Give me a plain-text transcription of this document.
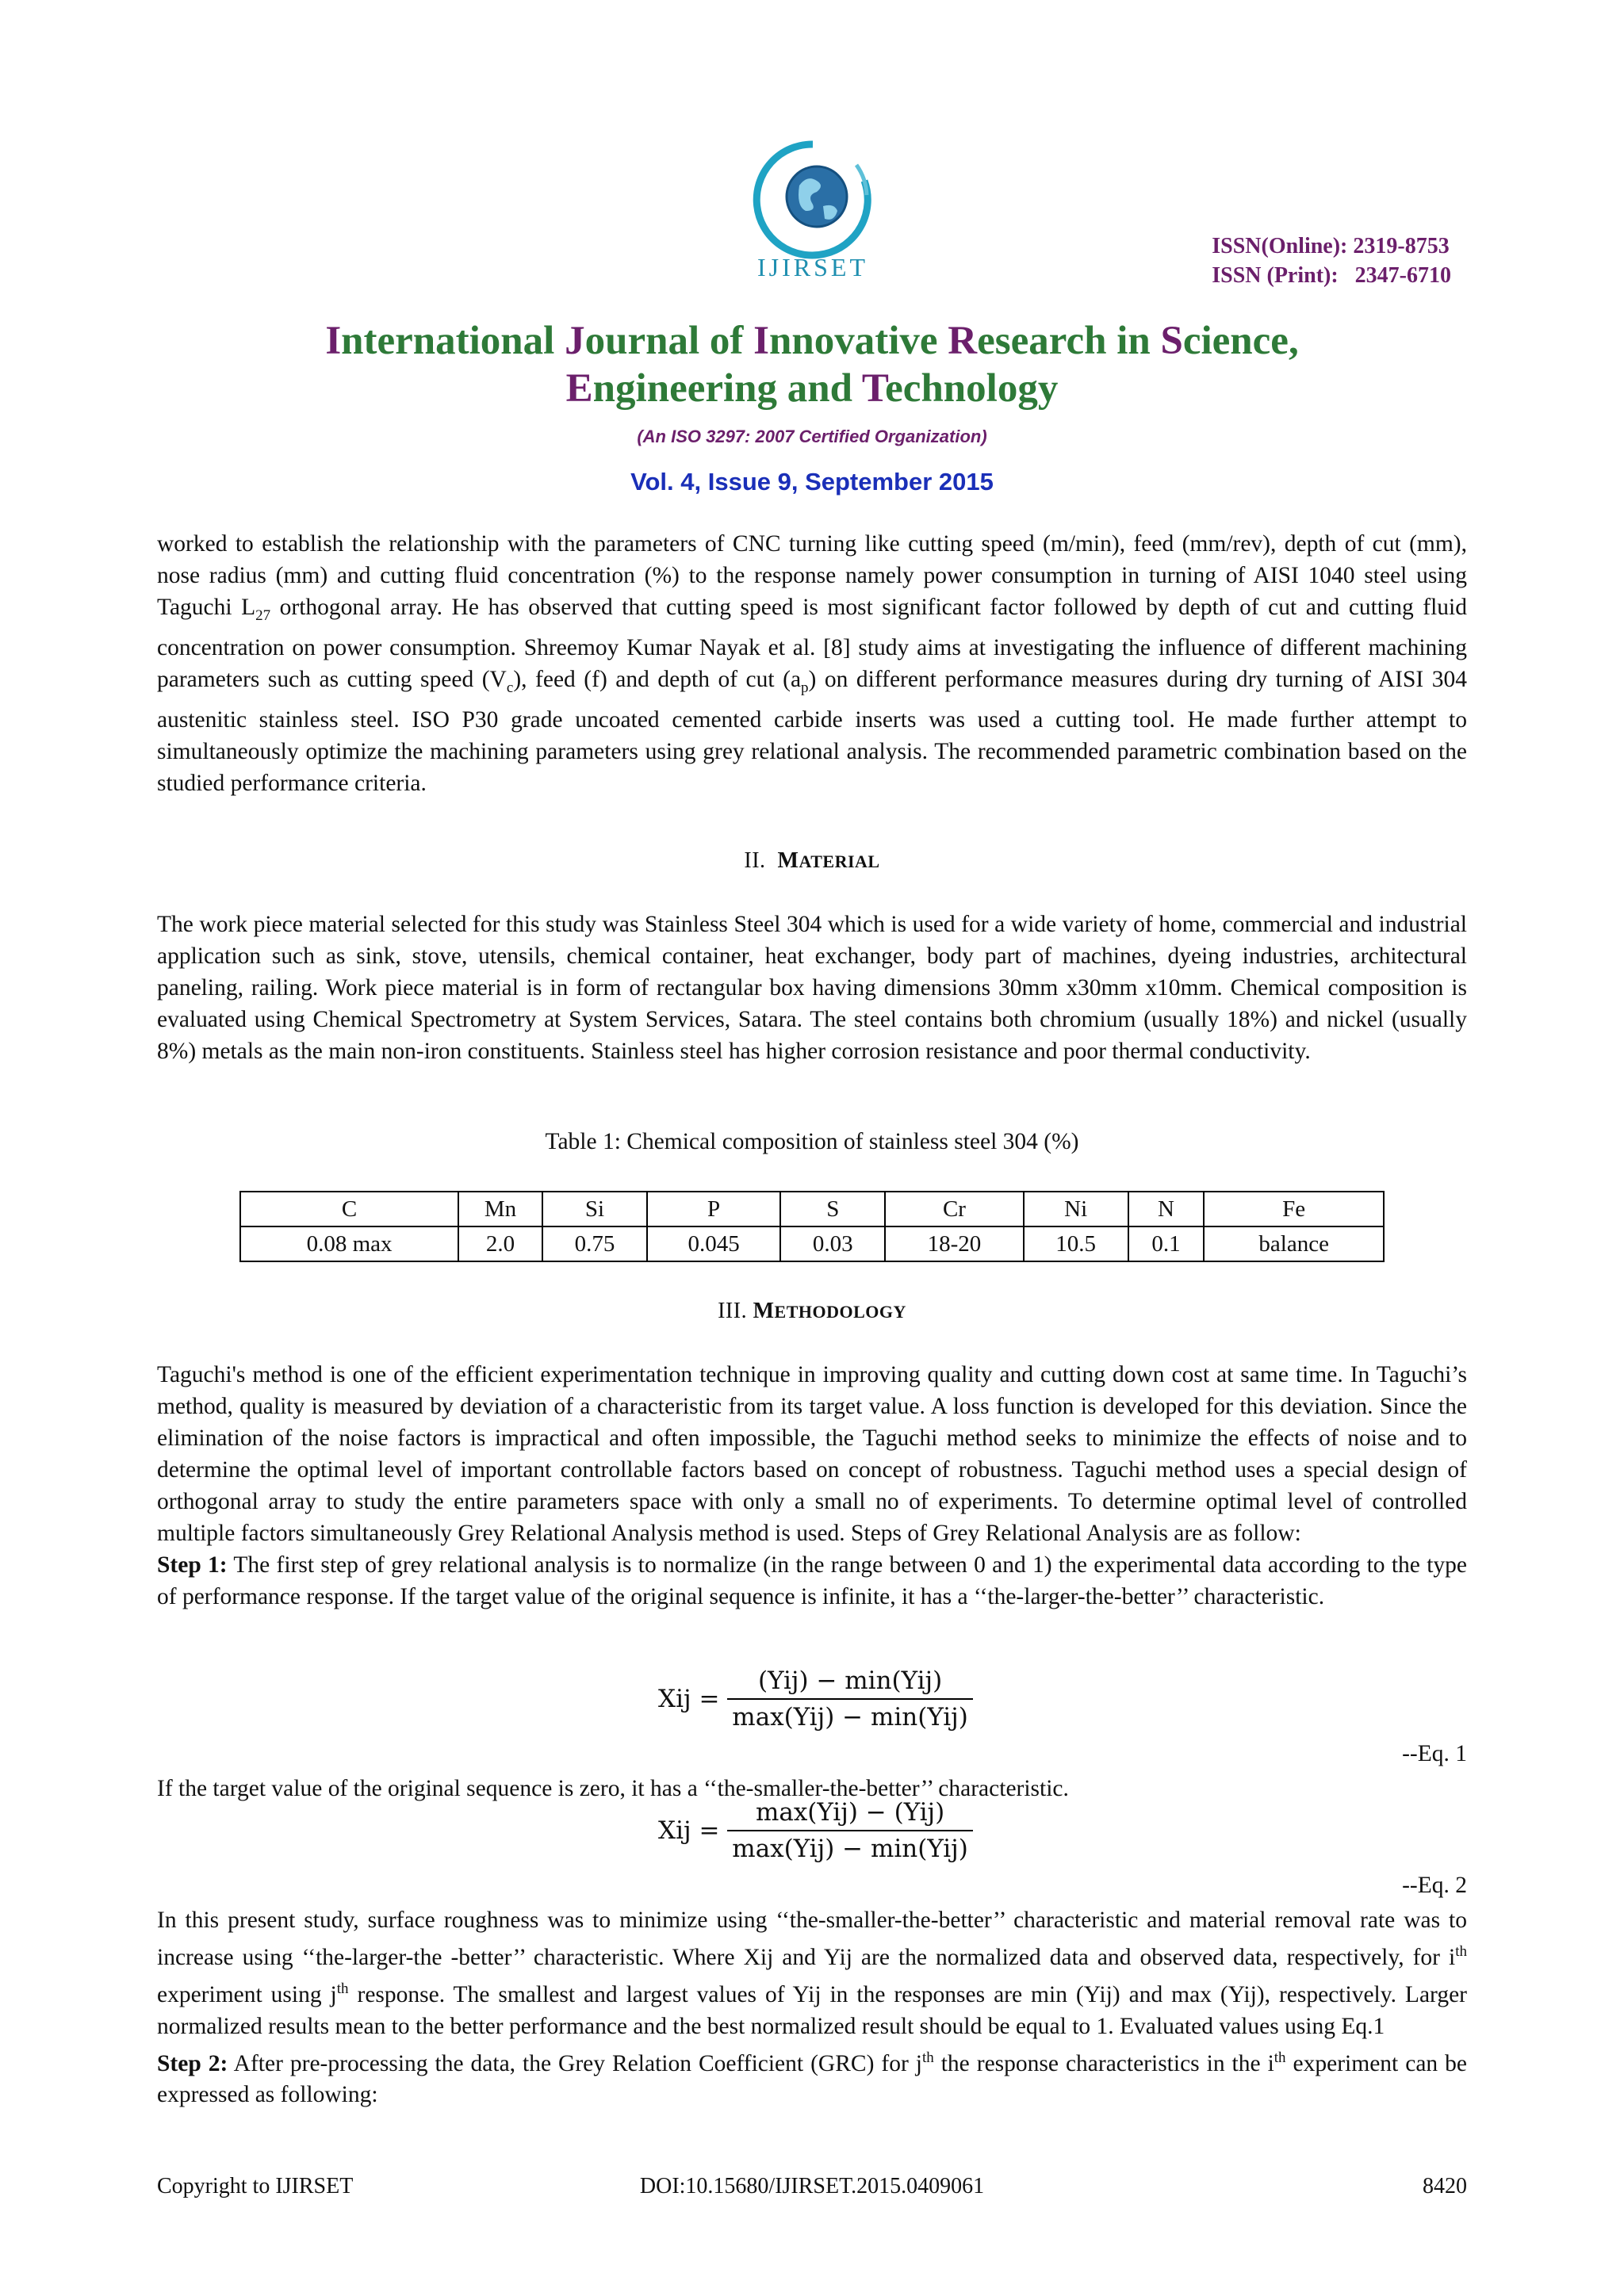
IJIRSET
ISSN(Online): 2319-8753
ISSN (Print):   2347-6710
International Journal of Innovative Research in Science,
Engineering and Technology
(An ISO 3297: 2007 Certified Organization)
Vol. 4, Issue 9, September 2015

worked to establish the relationship with the parameters of CNC turning like cutting speed (m/min), feed (mm/rev), depth of cut (mm), nose radius (mm) and cutting fluid concentration (%) to the response namely power consumption in turning of AISI 1040 steel using Taguchi $L_{27}$ orthogonal array. He has observed that cutting speed is most significant factor followed by depth of cut and cutting fluid concentration on power consumption. Shreemoy Kumar Nayak et al. [8] study aims at investigating the influence of different machining parameters such as cutting speed $(V_c)$, feed (f) and depth of cut $(a_p)$ on different performance measures during dry turning of AISI 304 austenitic stainless steel. ISO P30 grade uncoated cemented carbide inserts was used a cutting tool. He made further attempt to simultaneously optimize the machining parameters using grey relational analysis. The recommended parametric combination based on the studied performance criteria.

II. MATERIAL

The work piece material selected for this study was Stainless Steel 304 which is used for a wide variety of home, commercial and industrial application such as sink, stove, utensils, chemical container, heat exchanger, body part of machines, dyeing industries, architectural paneling, railing. Work piece material is in form of rectangular box having dimensions 30mm x30mm x10mm. Chemical composition is evaluated using Chemical Spectrometry at System Services, Satara. The steel contains both chromium (usually 18%) and nickel (usually 8%) metals as the main non-iron constituents. Stainless steel has higher corrosion resistance and poor thermal conductivity.

Table 1: Chemical composition of stainless steel 304 (%)

C	Mn	Si	P	S	Cr	Ni	N	Fe
0.08 max	2.0	0.75	0.045	0.03	18-20	10.5	0.1	balance

III. METHODOLOGY

Taguchi's method is one of the efficient experimentation technique in improving quality and cutting down cost at same time. In Taguchi’s method, quality is measured by deviation of a characteristic from its target value. A loss function is developed for this deviation. Since the elimination of the noise factors is impractical and often impossible, the Taguchi method seeks to minimize the effects of noise and to determine the optimal level of important controllable factors based on concept of robustness. Taguchi method uses a special design of orthogonal array to study the entire parameters space with only a small no of experiments. To determine optimal level of controlled multiple factors simultaneously Grey Relational Analysis method is used. Steps of Grey Relational Analysis are as follow:

Step 1: The first step of grey relational analysis is to normalize (in the range between 0 and 1) the experimental data according to the type of performance response. If the target value of the original sequence is infinite, it has a ‘‘the-larger-the-better’’ characteristic.

Xij = $\frac{\text{(Yij) − min⁡(Yij)}}{\text{max(Yij) − min⁡(Yij)}}$
--Eq. 1

If the target value of the original sequence is zero, it has a ‘‘the-smaller-the-better’’ characteristic.

Xij = $\frac{\text{max(Yij) − (Yij)}}{\text{max(Yij) − min⁡(Yij)}}$
--Eq. 2

In this present study, surface roughness was to minimize using ‘‘the-smaller-the-better’’ characteristic and material removal rate was to increase using ‘‘the-larger-the -better’’ characteristic. Where Xij and Yij are the normalized data and observed data, respectively, for $i^{th}$ experiment using $j^{th}$ response. The smallest and largest values of Yij in the responses are min (Yij) and max (Yij), respectively. Larger normalized results mean to the better performance and the best normalized result should be equal to 1. Evaluated values using Eq.1

Step 2: After pre-processing the data, the Grey Relation Coefficient (GRC) for $j^{th}$ the response characteristics in the $i^{th}$ experiment can be expressed as following:

Copyright to IJIRSET	DOI:10.15680/IJIRSET.2015.0409061	8420
